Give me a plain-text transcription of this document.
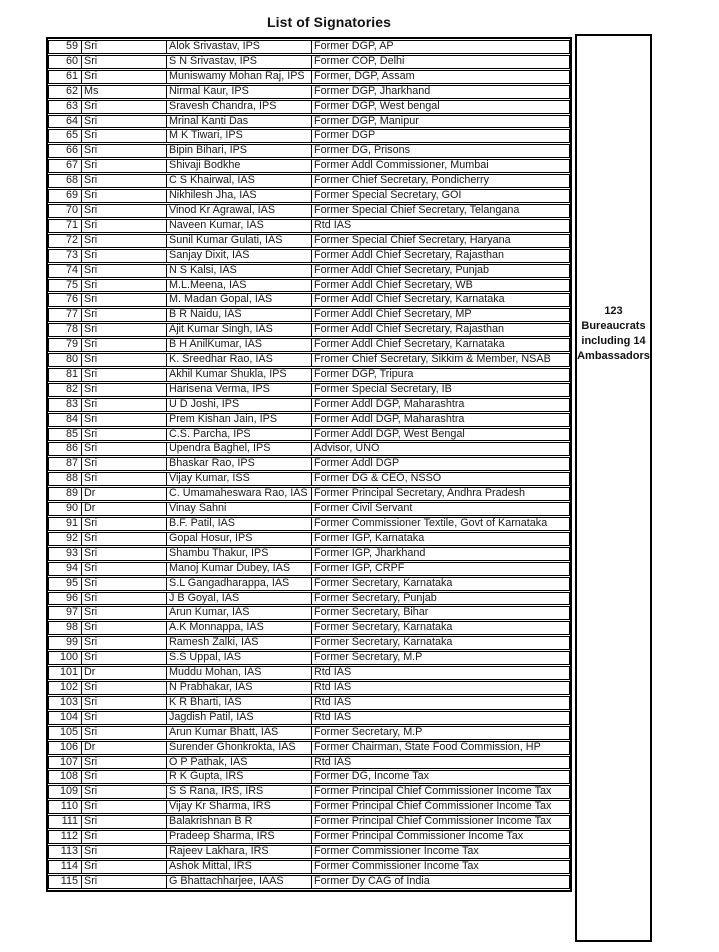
List of Signatories
59	Sri	Alok Srivastav, IPS	Former DGP, AP
60	Sri	S N Srivastav, IPS	Former COP, Delhi
61	Sri	Muniswamy Mohan Raj, IPS	Former, DGP, Assam
62	Ms	Nirmal Kaur, IPS	Former DGP, Jharkhand
63	Sri	Sravesh Chandra, IPS	Former DGP, West bengal
64	Sri	Mrinal Kanti Das	Former DGP, Manipur
65	Sri	M K Tiwari, IPS	Former DGP
66	Sri	Bipin Bihari, IPS	Former DG, Prisons
67	Sri	Shivaji Bodkhe	Former Addl Commissioner, Mumbai
68	Sri	C S Khairwal, IAS	Former Chief Secretary, Pondicherry
69	Sri	Nikhilesh Jha, IAS	Former Special Secretary, GOI
70	Sri	Vinod Kr Agrawal, IAS	Former Special Chief Secretary, Telangana
71	Sri	Naveen Kumar, IAS	Rtd IAS
72	Sri	Sunil Kumar Gulati, IAS	Former Special Chief Secretary, Haryana
73	Sri	Sanjay Dixit, IAS	Former Addl Chief Secretary, Rajasthan
74	Sri	N S Kalsi, IAS	Former Addl Chief Secretary, Punjab
75	Sri	M.L.Meena, IAS	Former Addl Chief Secretary, WB
76	Sri	M. Madan Gopal, IAS	Former Addl Chief Secretary, Karnataka
77	Sri	B R Naidu, IAS	Former Addl Chief Secretary, MP
78	Sri	Ajit Kumar Singh, IAS	Former Addl Chief Secretary, Rajasthan
79	Sri	B H AnilKumar, IAS	Former Addl Chief Secretary, Karnataka
80	Sri	K. Sreedhar Rao, IAS	Fromer Chief Secretary, Sikkim & Member, NSAB
81	Sri	Akhil Kumar Shukla, IPS	Former DGP, Tripura
82	Sri	Harisena Verma, IPS	Former Special Secretary, IB
83	Sri	U D Joshi, IPS	Former Addl DGP, Maharashtra
84	Sri	Prem Kishan Jain, IPS	Former Addl DGP, Maharashtra
85	Sri	C.S. Parcha, IPS	Former Addl DGP, West Bengal
86	Sri	Upendra Baghel, IPS	Advisor, UNO
87	Sri	Bhaskar Rao, IPS	Former Addl DGP
88	Sri	Vijay Kumar, ISS	Former DG & CEO, NSSO
89	Dr	C. Umamaheswara Rao, IAS	Former Principal Secretary, Andhra Pradesh
90	Dr	Vinay Sahni	Former Civil Servant
91	Sri	B.F. Patil, IAS	Former Commissioner Textile, Govt of Karnataka
92	Sri	Gopal Hosur, IPS	Former IGP, Karnataka
93	Sri	Shambu Thakur, IPS	Former IGP, Jharkhand
94	Sri	Manoj Kumar Dubey, IAS	Former IGP, CRPF
95	Sri	S.L Gangadharappa, IAS	Former Secretary, Karnataka
96	Sri	J B Goyal, IAS	Former Secretary, Punjab
97	Sri	Arun Kumar, IAS	Former Secretary, Bihar
98	Sri	A.K Monnappa, IAS	Former Secretary, Karnataka
99	Sri	Ramesh Zalki, IAS	Former Secretary, Karnataka
100	Sri	S.S Uppal, IAS	Former Secretary, M.P
101	Dr	Muddu Mohan, IAS	Rtd IAS
102	Sri	N Prabhakar, IAS	Rtd IAS
103	Sri	K R Bharti, IAS	Rtd IAS
104	Sri	Jagdish Patil, IAS	Rtd IAS
105	Sri	Arun Kumar Bhatt, IAS	Former Secretary, M.P
106	Dr	Surender Ghonkrokta, IAS	Former Chairman, State Food Commission, HP
107	Sri	O P Pathak, IAS	Rtd IAS
108	Sri	R K Gupta, IRS	Former DG, Income Tax
109	Sri	S S Rana, IRS, IRS	Former Principal Chief Commissioner Income Tax
110	Sri	Vijay Kr Sharma, IRS	Former Principal Chief Commissioner Income Tax
111	Sri	Balakrishnan B R	Former Principal Chief Commissioner Income Tax
112	Sri	Pradeep Sharma, IRS	Former Principal Commissioner Income Tax
113	Sri	Rajeev Lakhara, IRS	Former Commissioner Income Tax
114	Sri	Ashok Mittal, IRS	Former Commissioner Income Tax
115	Sri	G Bhattachharjee, IAAS	Former Dy CAG of India
123
Bureaucrats
including 14
Ambassadors
